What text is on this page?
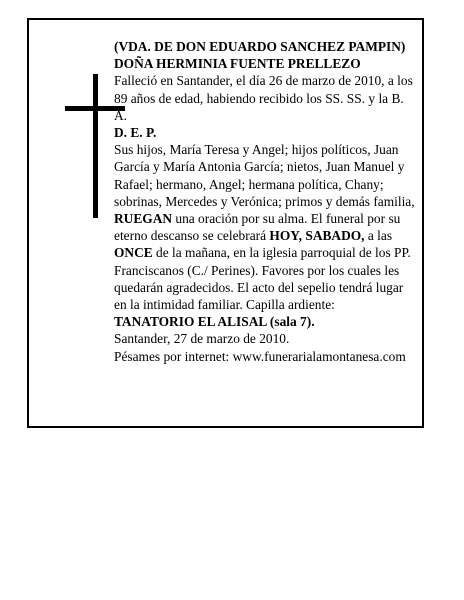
(VDA. DE DON EDUARDO SANCHEZ PAMPIN)

DOÑA HERMINIA FUENTE PRELLEZO

Falleció en Santander, el día 26 de marzo de 2010, a los 89 años de edad, habiendo recibido los SS. SS. y la B. A.

D. E. P.

Sus hijos, María Teresa y Angel; hijos políticos, Juan García y María Antonia García; nietos, Juan Manuel y Rafael; hermano, Angel; hermana política, Chany; sobrinas, Mercedes y Verónica; primos y demás familia,

RUEGAN una oración por su alma. El funeral por su eterno descanso se celebrará HOY, SABADO, a las ONCE de la mañana, en la iglesia parroquial de los PP. Franciscanos (C./ Perines). Favores por los cuales les quedarán agradecidos. El acto del sepelio tendrá lugar en la intimidad familiar. Capilla ardiente:

TANATORIO EL ALISAL (sala 7).

Santander, 27 de marzo de 2010.

Pésames por internet: www.funerarialamontanesa.com
